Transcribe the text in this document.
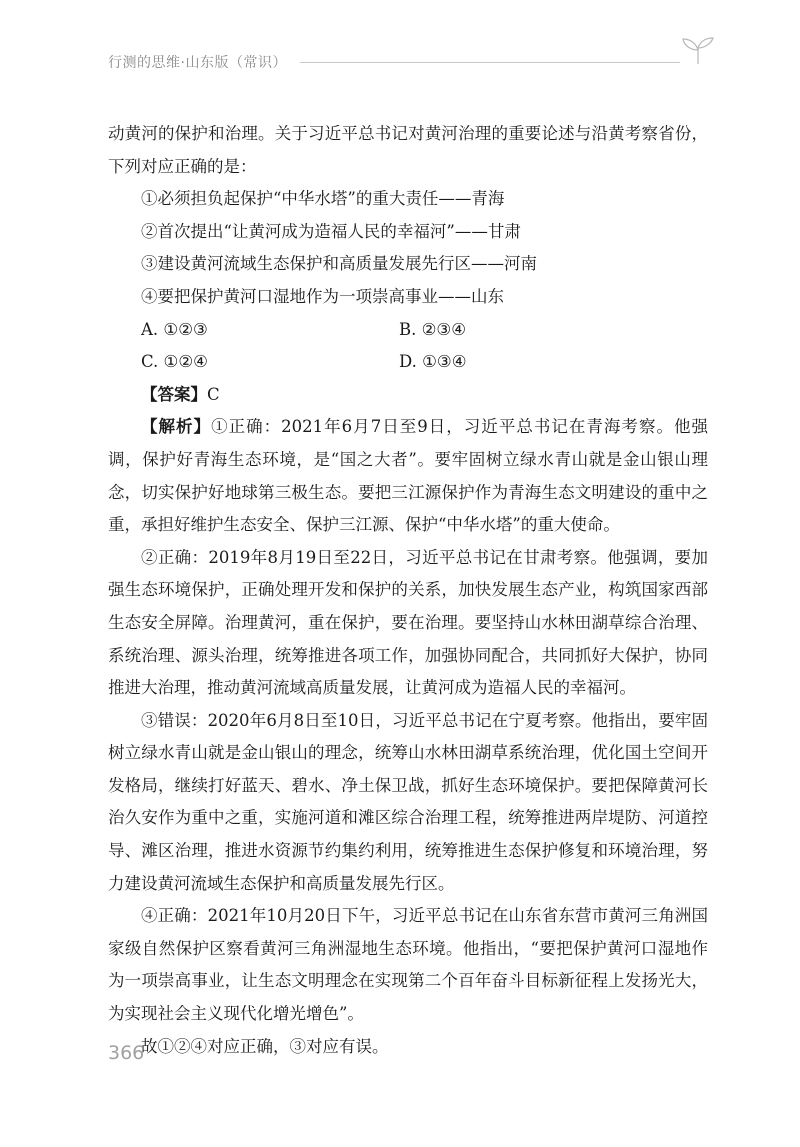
行测的思维·山东版（常识）

动黄河的保护和治理。关于习近平总书记对黄河治理的重要论述与沿黄考察省份，下列对应正确的是：

①必须担负起保护“中华水塔”的重大责任——青海

②首次提出“让黄河成为造福人民的幸福河”——甘肃

③建设黄河流域生态保护和高质量发展先行区——河南

④要把保护黄河口湿地作为一项崇高事业——山东

A. ①②③	B. ②③④
C. ①②④	D. ①③④

【答案】C

【解析】①正确：2021年6月7日至9日，习近平总书记在青海考察。他强调，保护好青海生态环境，是“国之大者”。要牢固树立绿水青山就是金山银山理念，切实保护好地球第三极生态。要把三江源保护作为青海生态文明建设的重中之重，承担好维护生态安全、保护三江源、保护“中华水塔”的重大使命。

②正确：2019年8月19日至22日，习近平总书记在甘肃考察。他强调，要加强生态环境保护，正确处理开发和保护的关系，加快发展生态产业，构筑国家西部生态安全屏障。治理黄河，重在保护，要在治理。要坚持山水林田湖草综合治理、系统治理、源头治理，统筹推进各项工作，加强协同配合，共同抓好大保护，协同推进大治理，推动黄河流域高质量发展，让黄河成为造福人民的幸福河。

③错误：2020年6月8日至10日，习近平总书记在宁夏考察。他指出，要牢固树立绿水青山就是金山银山的理念，统筹山水林田湖草系统治理，优化国土空间开发格局，继续打好蓝天、碧水、净土保卫战，抓好生态环境保护。要把保障黄河长治久安作为重中之重，实施河道和滩区综合治理工程，统筹推进两岸堤防、河道控导、滩区治理，推进水资源节约集约利用，统筹推进生态保护修复和环境治理，努力建设黄河流域生态保护和高质量发展先行区。

④正确：2021年10月20日下午，习近平总书记在山东省东营市黄河三角洲国家级自然保护区察看黄河三角洲湿地生态环境。他指出，“要把保护黄河口湿地作为一项崇高事业，让生态文明理念在实现第二个百年奋斗目标新征程上发扬光大，为实现社会主义现代化增光增色”。

故①②④对应正确，③对应有误。

366
